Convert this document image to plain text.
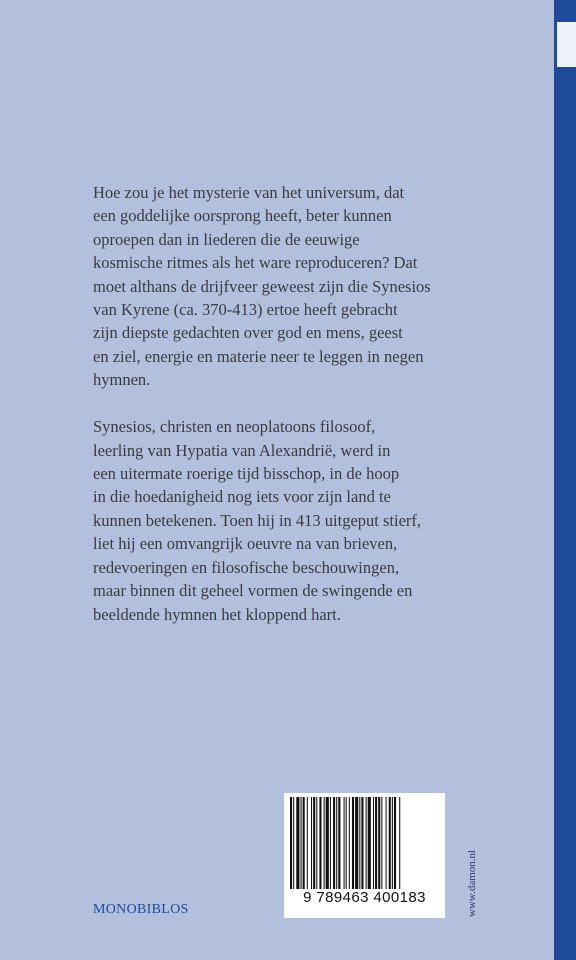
Hoe zou je het mysterie van het universum, dat
een goddelijke oorsprong heeft, beter kunnen
oproepen dan in liederen die de eeuwige
kosmische ritmes als het ware reproduceren? Dat
moet althans de drijfveer geweest zijn die Synesios
van Kyrene (ca. 370-413) ertoe heeft gebracht
zijn diepste gedachten over god en mens, geest
en ziel, energie en materie neer te leggen in negen
hymnen.

Synesios, christen en neoplatoons filosoof,
leerling van Hypatia van Alexandrië, werd in
een uitermate roerige tijd bisschop, in de hoop
in die hoedanigheid nog iets voor zijn land te
kunnen betekenen. Toen hij in 413 uitgeput stierf,
liet hij een omvangrijk oeuvre na van brieven,
redevoeringen en filosofische beschouwingen,
maar binnen dit geheel vormen de swingende en
beeldende hymnen het kloppend hart.

MONOBIBLOS
9 789463 400183	www.damon.nl
